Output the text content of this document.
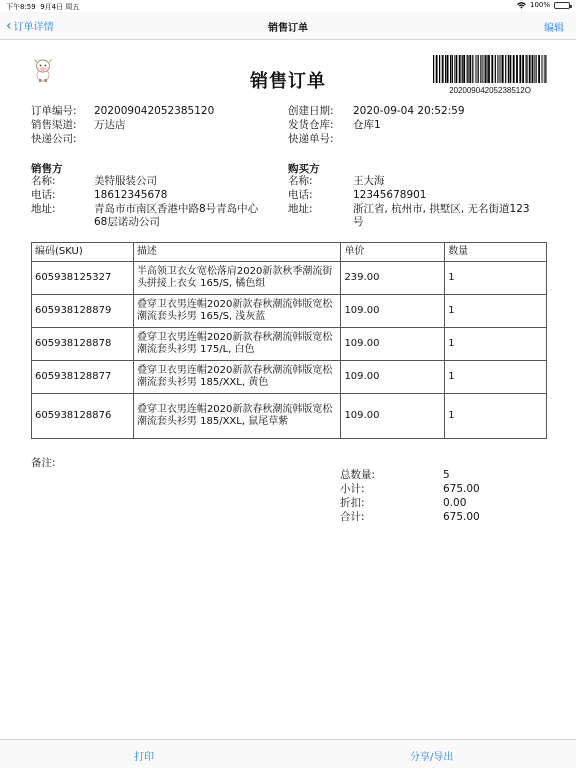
下午8:59 9月4日 周五	100%
‹ 订单详情	销售订单	编辑
销售订单	20200904205238512O
订单编号: 202009042052385120
销售渠道: 万达店
快递公司:
创建日期: 2020-09-04 20:52:59
发货仓库: 仓库1
快递单号:
销售方	购买方
名称:	美特服装公司
电话:	18612345678
地址:	青岛市市南区香港中路8号青岛中心
68层诺动公司
名称:	王大海
电话:	12345678901
地址:	浙江省, 杭州市, 拱墅区, 无名街道123
号
编码(SKU)	描述	单价	数量
605938125327	半高领卫衣女宽松落肩2020新款秋季潮流街头拼接上衣女 165/S, 橘色组	239.00	1
605938128879	叠穿卫衣男连帽2020新款春秋潮流韩版宽松潮流套头衫男 165/S, 浅灰蓝	109.00	1
605938128878	叠穿卫衣男连帽2020新款春秋潮流韩版宽松潮流套头衫男 175/L, 白色	109.00	1
605938128877	叠穿卫衣男连帽2020新款春秋潮流韩版宽松潮流套头衫男 185/XXL, 黄色	109.00	1
605938128876	叠穿卫衣男连帽2020新款春秋潮流韩版宽松潮流套头衫男 185/XXL, 鼠尾草紫	109.00	1
备注:
总数量:	5
小计:	675.00
折扣:	0.00
合计:	675.00
打印	分享/导出
